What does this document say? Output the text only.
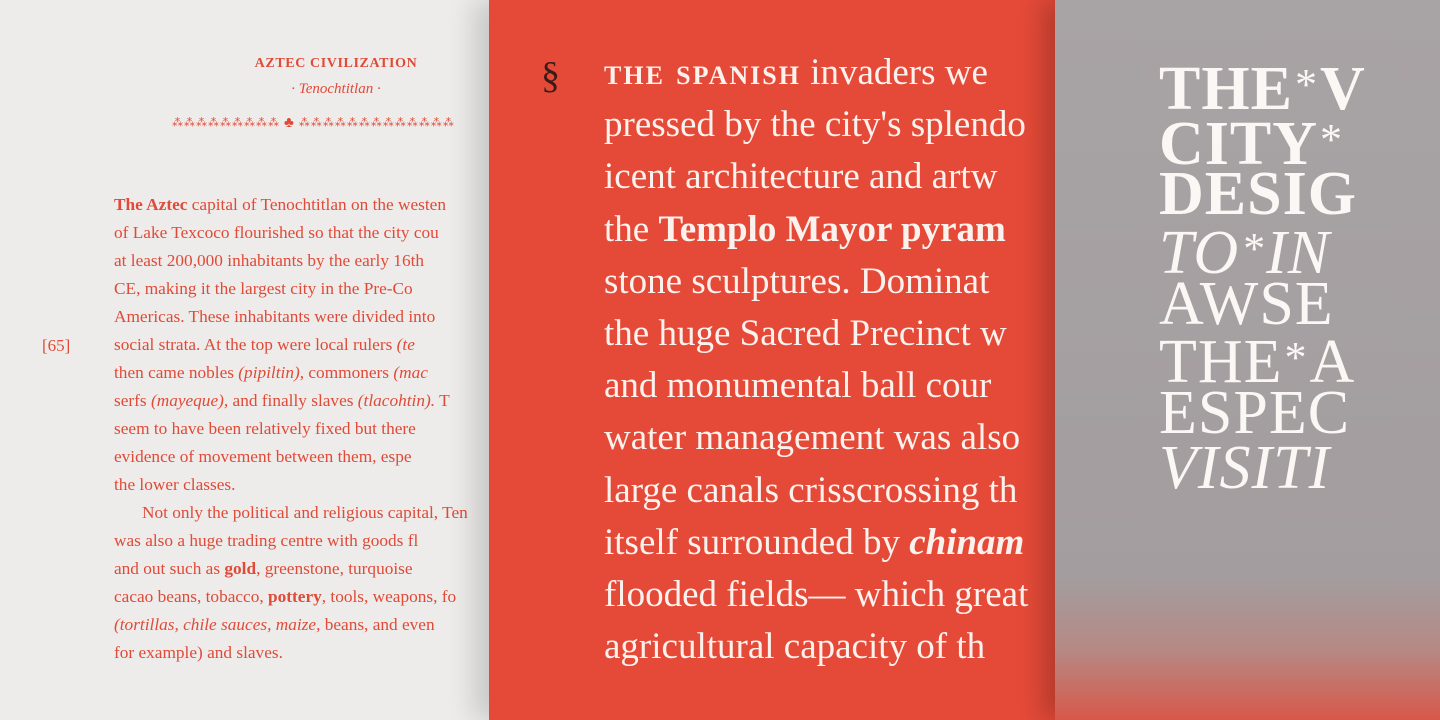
AZTEC CIVILIZATION
· Tenochtitlan ·
⁂⁂⁂⁂⁂⁂⁂⁂⁂ ♣ ⁂⁂⁂⁂⁂⁂⁂⁂⁂⁂⁂⁂⁂
[65]
The Aztec capital of Tenochtitlan on the westen
of Lake Texcoco flourished so that the city cou
at least 200,000 inhabitants by the early 16th
CE, making it the largest city in the Pre-Co
Americas. These inhabitants were divided into
social strata. At the top were local rulers (te
then came nobles (pipiltin), commoners (mac
serfs (mayeque), and finally slaves (tlacohtin). T
seem to have been relatively fixed but there
evidence of movement between them, espe
the lower classes.
Not only the political and religious capital, Ten
was also a huge trading centre with goods fl
and out such as gold, greenstone, turquoise
cacao beans, tobacco, pottery, tools, weapons, fo
(tortillas, chile sauces, maize, beans, and even
for example) and slaves.
§ the spanish invaders we
pressed by the city's splendo
icent architecture and artw
the Templo Mayor pyram
stone sculptures. Dominat
the huge Sacred Precinct w
and monumental ball cour
water management was also
large canals crisscrossing th
itself surrounded by chinam
flooded fields— which great
agricultural capacity of th
THE*V
CITY*
DESIG
TO*IN
AWSE
THE*A
ESPEC
VISITI
